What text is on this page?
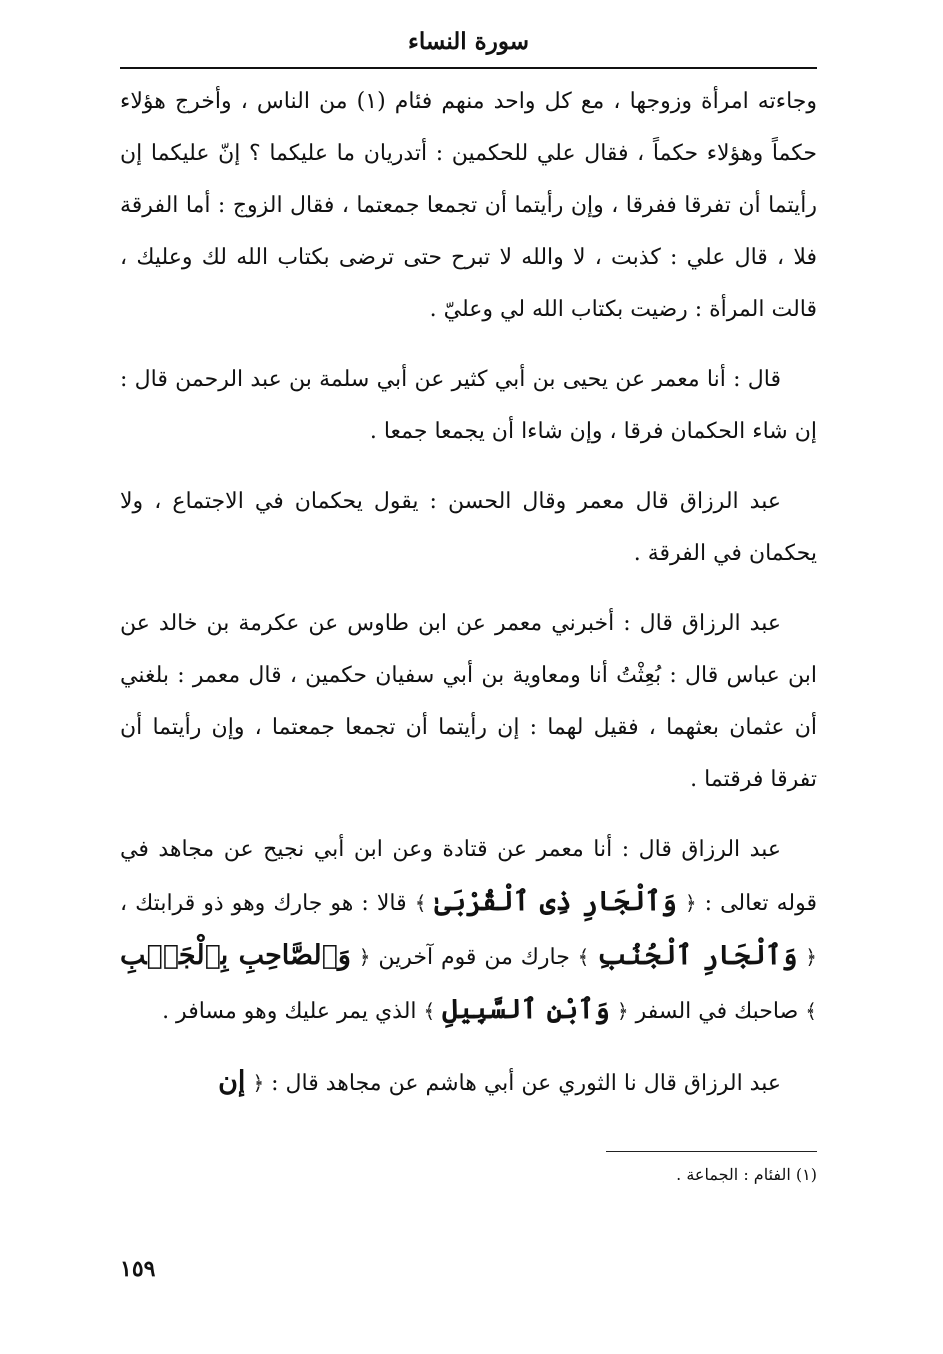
سورة النساء

وجاءته امرأة وزوجها ، مع كل واحد منهم فئام (١) من الناس ، وأخرج هؤلاء حكماً وهؤلاء حكماً ، فقال علي للحكمين : أتدريان ما عليكما ؟ إنّ عليكما إن رأيتما أن تفرقا ففرقا ، وإن رأيتما أن تجمعا جمعتما ، فقال الزوج : أما الفرقة فلا ، قال علي : كذبت ، لا والله لا تبرح حتى ترضى بكتاب الله لك وعليك ، قالت المرأة : رضيت بكتاب الله لي وعليّ .

قال : أنا معمر عن يحيى بن أبي كثير عن أبي سلمة بن عبد الرحمن قال : إن شاء الحكمان فرقا ، وإن شاءا أن يجمعا جمعا .

عبد الرزاق قال معمر وقال الحسن : يقول يحكمان في الاجتماع ، ولا يحكمان في الفرقة .

عبد الرزاق قال : أخبرني معمر عن ابن طاوس عن عكرمة بن خالد عن ابن عباس قال : بُعِثْتُ أنا ومعاوية بن أبي سفيان حكمين ، قال معمر : بلغني أن عثمان بعثهما ، فقيل لهما : إن رأيتما أن تجمعا جمعتما ، وإن رأيتما أن تفرقا فرقتما .

عبد الرزاق قال : أنا معمر عن قتادة وعن ابن أبي نجيح عن مجاهد في قوله تعالى : ﴿ وَٱلْجَارِ ذِى ٱلْقُرْبَىٰ ﴾ قالا : هو جارك وهو ذو قرابتك ، ﴿ وَٱلْجَارِ ٱلْجُنُبِ ﴾ جارك من قوم آخرين ﴿ وَٱلصَّاحِبِ بِٱلْجَنۢبِ ﴾ صاحبك في السفر ﴿ وَٱبْنِ ٱلسَّبِيلِ ﴾ الذي يمر عليك وهو مسافر .

عبد الرزاق قال نا الثوري عن أبي هاشم عن مجاهد قال : ﴿ إن

(١) الفئام : الجماعة .
١٥٩
